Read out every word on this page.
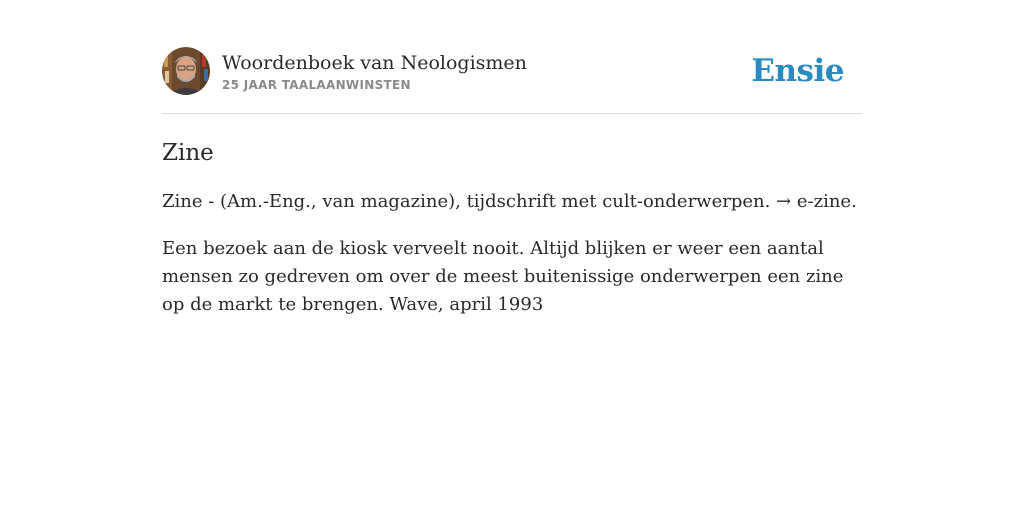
Woordenboek van Neologismen
25 JAAR TAALAANWINSTEN	Ensie
Zine

Zine - (Am.-Eng., van magazine), tijdschrift met cult-onderwerpen. → e-zine.

Een bezoek aan de kiosk verveelt nooit. Altijd blijken er weer een aantal mensen zo gedreven om over de meest buitenissige onderwerpen een zine op de markt te brengen. Wave, april 1993
